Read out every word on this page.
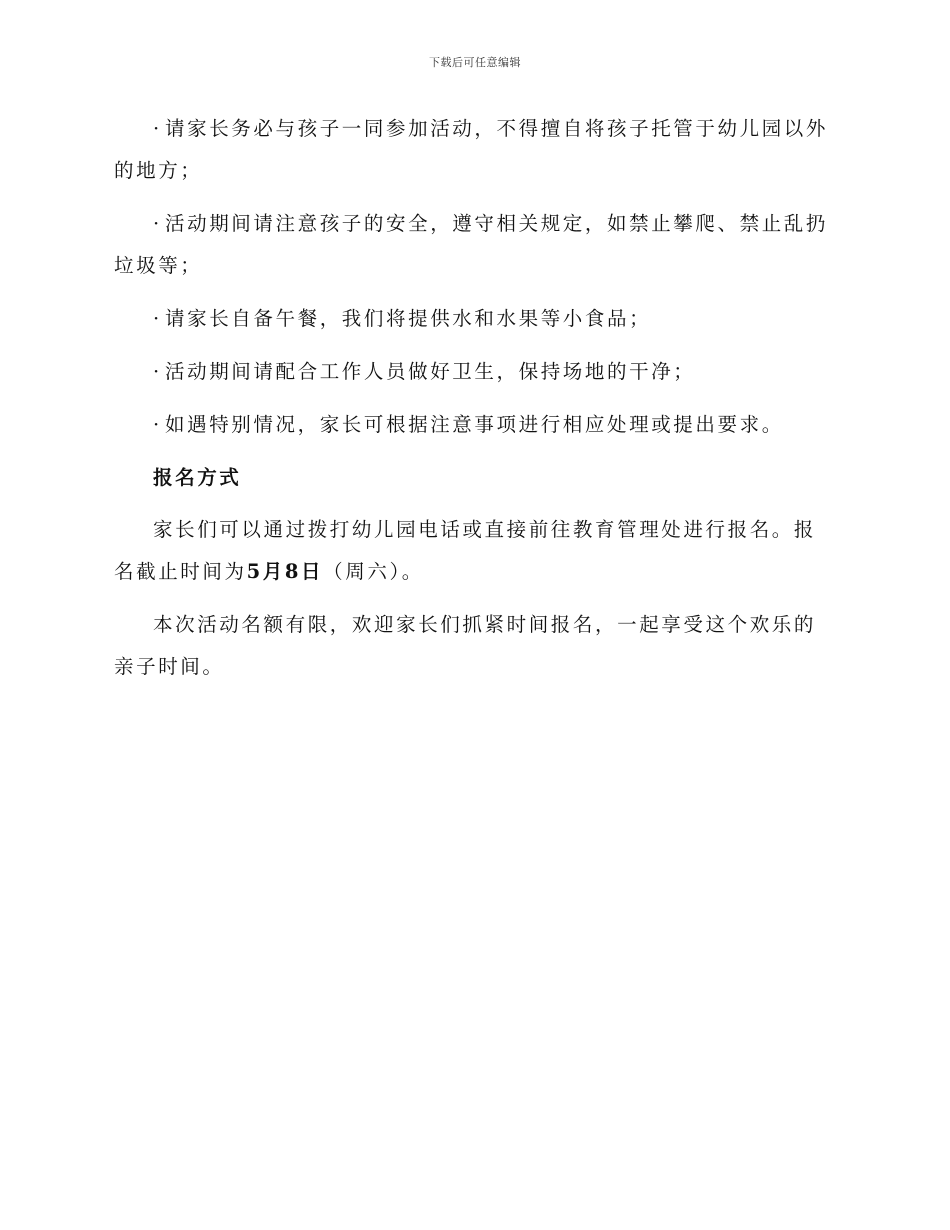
下载后可任意编辑

· 请家长务必与孩子一同参加活动，不得擅自将孩子托管于幼儿园以外的地方；

· 活动期间请注意孩子的安全，遵守相关规定，如禁止攀爬、禁止乱扔垃圾等；

· 请家长自备午餐，我们将提供水和水果等小食品；

· 活动期间请配合工作人员做好卫生，保持场地的干净；

· 如遇特别情况，家长可根据注意事项进行相应处理或提出要求。

报名方式

家长们可以通过拨打幼儿园电话或直接前往教育管理处进行报名。报名截止时间为5月8日（周六）。

本次活动名额有限，欢迎家长们抓紧时间报名，一起享受这个欢乐的亲子时间。
